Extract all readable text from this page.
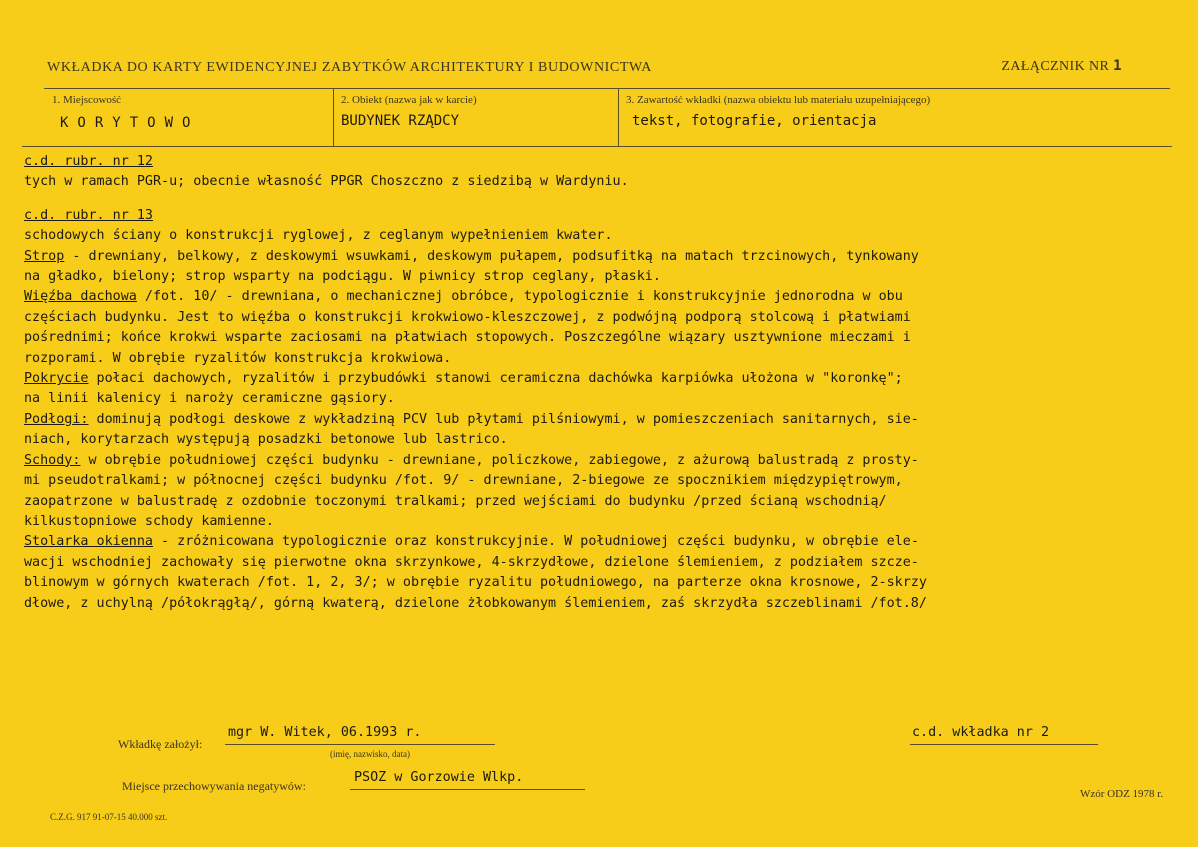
WKŁADKA DO KARTY EWIDENCYJNEJ ZABYTKÓW ARCHITEKTURY I BUDOWNICTWA	ZAŁĄCZNIK NR 1
1. Miejscowość
KORYTOWO
2. Obiekt (nazwa jak w karcie)
BUDYNEK RZĄDCY
3. Zawartość wkładki (nazwa obiektu lub materiału uzupełniającego)
tekst, fotografie, orientacja

c.d. rubr. nr 12

tych w ramach PGR-u; obecnie własność PPGR Choszczno z siedzibą w Wardyniu.

c.d. rubr. nr 13

schodowych ściany o konstrukcji ryglowej, z ceglanym wypełnieniem kwater.

Strop - drewniany, belkowy, z deskowymi wsuwkami, deskowym pułapem, podsufitką na matach trzcinowych, tynkowany

na gładko, bielony; strop wsparty na podciągu. W piwnicy strop ceglany, płaski.

Więźba dachowa /fot. 10/ - drewniana, o mechanicznej obróbce, typologicznie i konstrukcyjnie jednorodna w obu

częściach budynku. Jest to więźba o konstrukcji krokwiowo-kleszczowej, z podwójną podporą stolcową i płatwiami

pośrednimi; końce krokwi wsparte zaciosami na płatwiach stopowych. Poszczególne wiązary usztywnione mieczami i

rozporami. W obrębie ryzalitów konstrukcja krokwiowa.

Pokrycie połaci dachowych, ryzalitów i przybudówki stanowi ceramiczna dachówka karpiówka ułożona w "koronkę";

na linii kalenicy i naroży ceramiczne gąsiory.

Podłogi: dominują podłogi deskowe z wykładziną PCV lub płytami pilśniowymi, w pomieszczeniach sanitarnych, sie-

niach, korytarzach występują posadzki betonowe lub lastrico.

Schody: w obrębie południowej części budynku - drewniane, policzkowe, zabiegowe, z ażurową balustradą z prosty-

mi pseudotralkami; w północnej części budynku /fot. 9/ - drewniane, 2-biegowe ze spocznikiem międzypiętrowym,

zaopatrzone w balustradę z ozdobnie toczonymi tralkami; przed wejściami do budynku /przed ścianą wschodnią/

kilkustopniowe schody kamienne.

Stolarka okienna - zróżnicowana typologicznie oraz konstrukcyjnie. W południowej części budynku, w obrębie ele-

wacji wschodniej zachowały się pierwotne okna skrzynkowe, 4-skrzydłowe, dzielone ślemieniem, z podziałem szcze-

blinowym w górnych kwaterach /fot. 1, 2, 3/; w obrębie ryzalitu południowego, na parterze okna krosnowe, 2-skrzy

dłowe, z uchylną /półokrągłą/, górną kwaterą, dzielone żłobkowanym ślemieniem, zaś skrzydła szczeblinami /fot.8/

Wkładkę założył:
mgr W. Witek, 06.1993 r.
(imię, nazwisko, data)
c.d. wkładka nr 2
Miejsce przechowywania negatywów:
PSOZ w Gorzowie Wlkp.
C.Z.G. 917 91-07-15 40.000 szt.
Wzór ODZ 1978 r.
